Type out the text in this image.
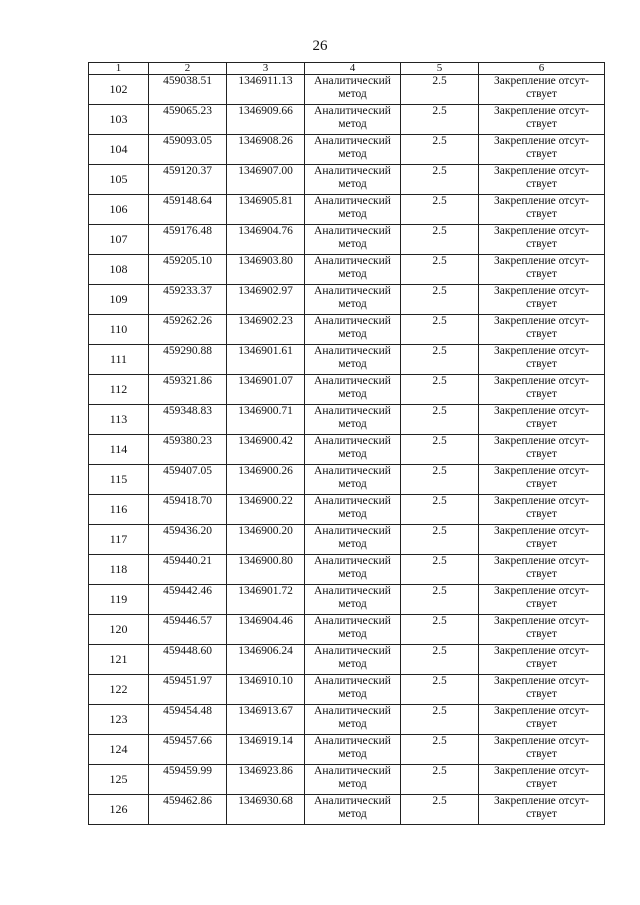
26
1	2	3	4	5	6
102	459038.51	1346911.13	Аналитический
метод	2.5	Закрепление отсут-
ствует

103	459065.23	1346909.66	Аналитический
метод	2.5	Закрепление отсут-
ствует

104	459093.05	1346908.26	Аналитический
метод	2.5	Закрепление отсут-
ствует

105	459120.37	1346907.00	Аналитический
метод	2.5	Закрепление отсут-
ствует

106	459148.64	1346905.81	Аналитический
метод	2.5	Закрепление отсут-
ствует

107	459176.48	1346904.76	Аналитический
метод	2.5	Закрепление отсут-
ствует

108	459205.10	1346903.80	Аналитический
метод	2.5	Закрепление отсут-
ствует

109	459233.37	1346902.97	Аналитический
метод	2.5	Закрепление отсут-
ствует

110	459262.26	1346902.23	Аналитический
метод	2.5	Закрепление отсут-
ствует

111	459290.88	1346901.61	Аналитический
метод	2.5	Закрепление отсут-
ствует

112	459321.86	1346901.07	Аналитический
метод	2.5	Закрепление отсут-
ствует

113	459348.83	1346900.71	Аналитический
метод	2.5	Закрепление отсут-
ствует

114	459380.23	1346900.42	Аналитический
метод	2.5	Закрепление отсут-
ствует

115	459407.05	1346900.26	Аналитический
метод	2.5	Закрепление отсут-
ствует

116	459418.70	1346900.22	Аналитический
метод	2.5	Закрепление отсут-
ствует

117	459436.20	1346900.20	Аналитический
метод	2.5	Закрепление отсут-
ствует

118	459440.21	1346900.80	Аналитический
метод	2.5	Закрепление отсут-
ствует

119	459442.46	1346901.72	Аналитический
метод	2.5	Закрепление отсут-
ствует

120	459446.57	1346904.46	Аналитический
метод	2.5	Закрепление отсут-
ствует

121	459448.60	1346906.24	Аналитический
метод	2.5	Закрепление отсут-
ствует

122	459451.97	1346910.10	Аналитический
метод	2.5	Закрепление отсут-
ствует

123	459454.48	1346913.67	Аналитический
метод	2.5	Закрепление отсут-
ствует

124	459457.66	1346919.14	Аналитический
метод	2.5	Закрепление отсут-
ствует

125	459459.99	1346923.86	Аналитический
метод	2.5	Закрепление отсут-
ствует

126	459462.86	1346930.68	Аналитический
метод	2.5	Закрепление отсут-
ствует
